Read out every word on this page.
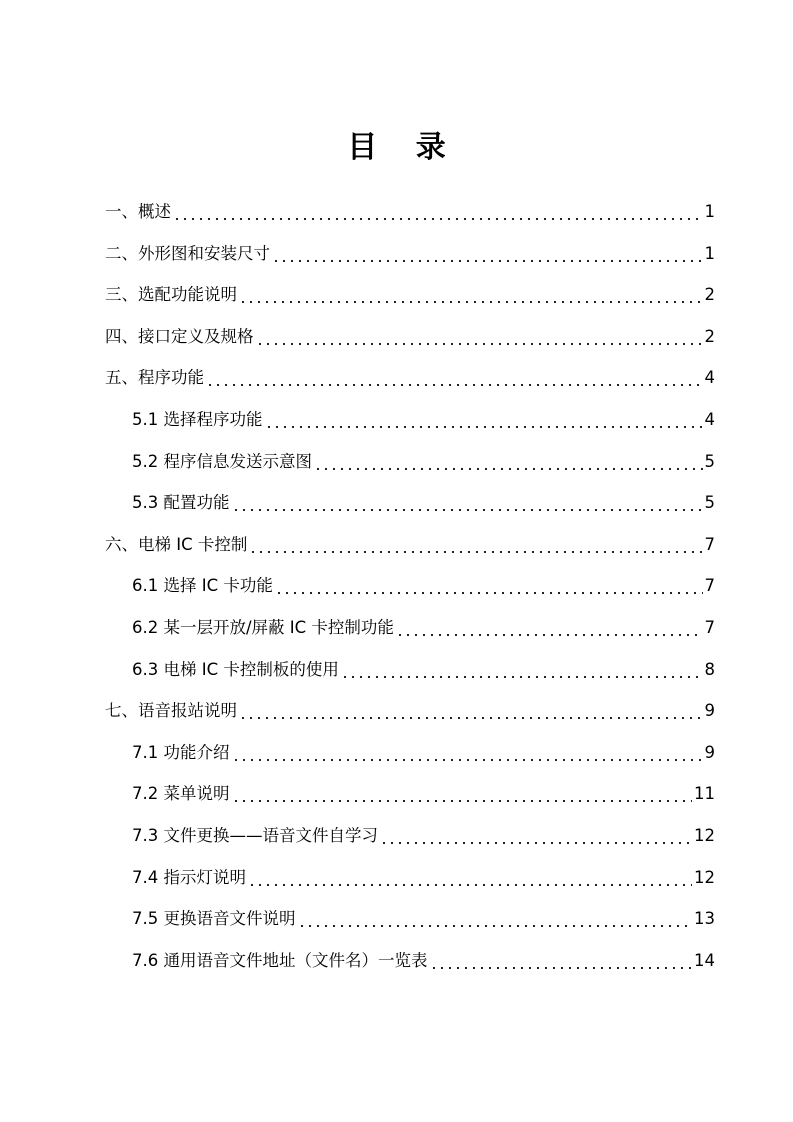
目 录
一、概述	1
二、外形图和安装尺寸	1
三、选配功能说明	2
四、接口定义及规格	2
五、程序功能	4
5.1 选择程序功能	4
5.2 程序信息发送示意图	5
5.3 配置功能	5
六、电梯 IC 卡控制	7
6.1 选择 IC 卡功能	7
6.2 某一层开放/屏蔽 IC 卡控制功能	7
6.3 电梯 IC 卡控制板的使用	8
七、语音报站说明	9
7.1 功能介绍	9
7.2 菜单说明	11
7.3 文件更换——语音文件自学习	12
7.4 指示灯说明	12
7.5 更换语音文件说明	13
7.6 通用语音文件地址（文件名）一览表	14
